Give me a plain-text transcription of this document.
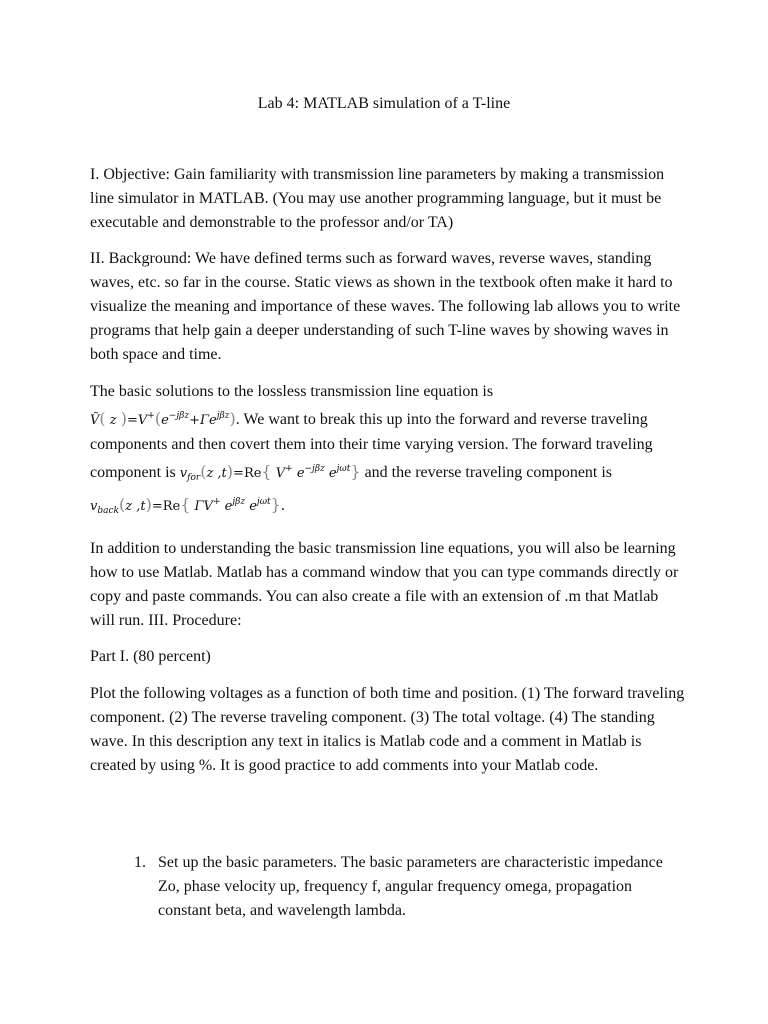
Lab 4: MATLAB simulation of a T-line

I. Objective: Gain familiarity with transmission line parameters by making a transmission line simulator in MATLAB. (You may use another programming language, but it must be executable and demonstrable to the professor and/or TA)

II. Background: We have defined terms such as forward waves, reverse waves, standing waves, etc. so far in the course. Static views as shown in the textbook often make it hard to visualize the meaning and importance of these waves. The following lab allows you to write programs that help gain a deeper understanding of such T-line waves by showing waves in both space and time.

The basic solutions to the lossless transmission line equation is
Ṽ( z )$=V^+(e^{-j\beta z}+\Gamma e^{j\beta z})$. We want to break this up into the forward and reverse traveling components and then covert them into their time varying version. The forward traveling component is $v_{for}(z$ ,t)=Re{ V+ $e^{-j\beta z}$ $e^{j\omega t}$} and the reverse traveling component is $v_{back}(z$ ,t)=Re{ ΓV+ $e^{j\beta z}$ $e^{j\omega t}$}.

In addition to understanding the basic transmission line equations, you will also be learning how to use Matlab. Matlab has a command window that you can type commands directly or copy and paste commands. You can also create a file with an extension of .m that Matlab will run. III. Procedure:

Part I. (80 percent)

Plot the following voltages as a function of both time and position. (1) The forward traveling component. (2) The reverse traveling component. (3) The total voltage. (4) The standing wave. In this description any text in italics is Matlab code and a comment in Matlab is created by using %. It is good practice to add comments into your Matlab code.

1. Set up the basic parameters. The basic parameters are characteristic impedance Zo, phase velocity up, frequency f, angular frequency omega, propagation constant beta, and wavelength lambda.
